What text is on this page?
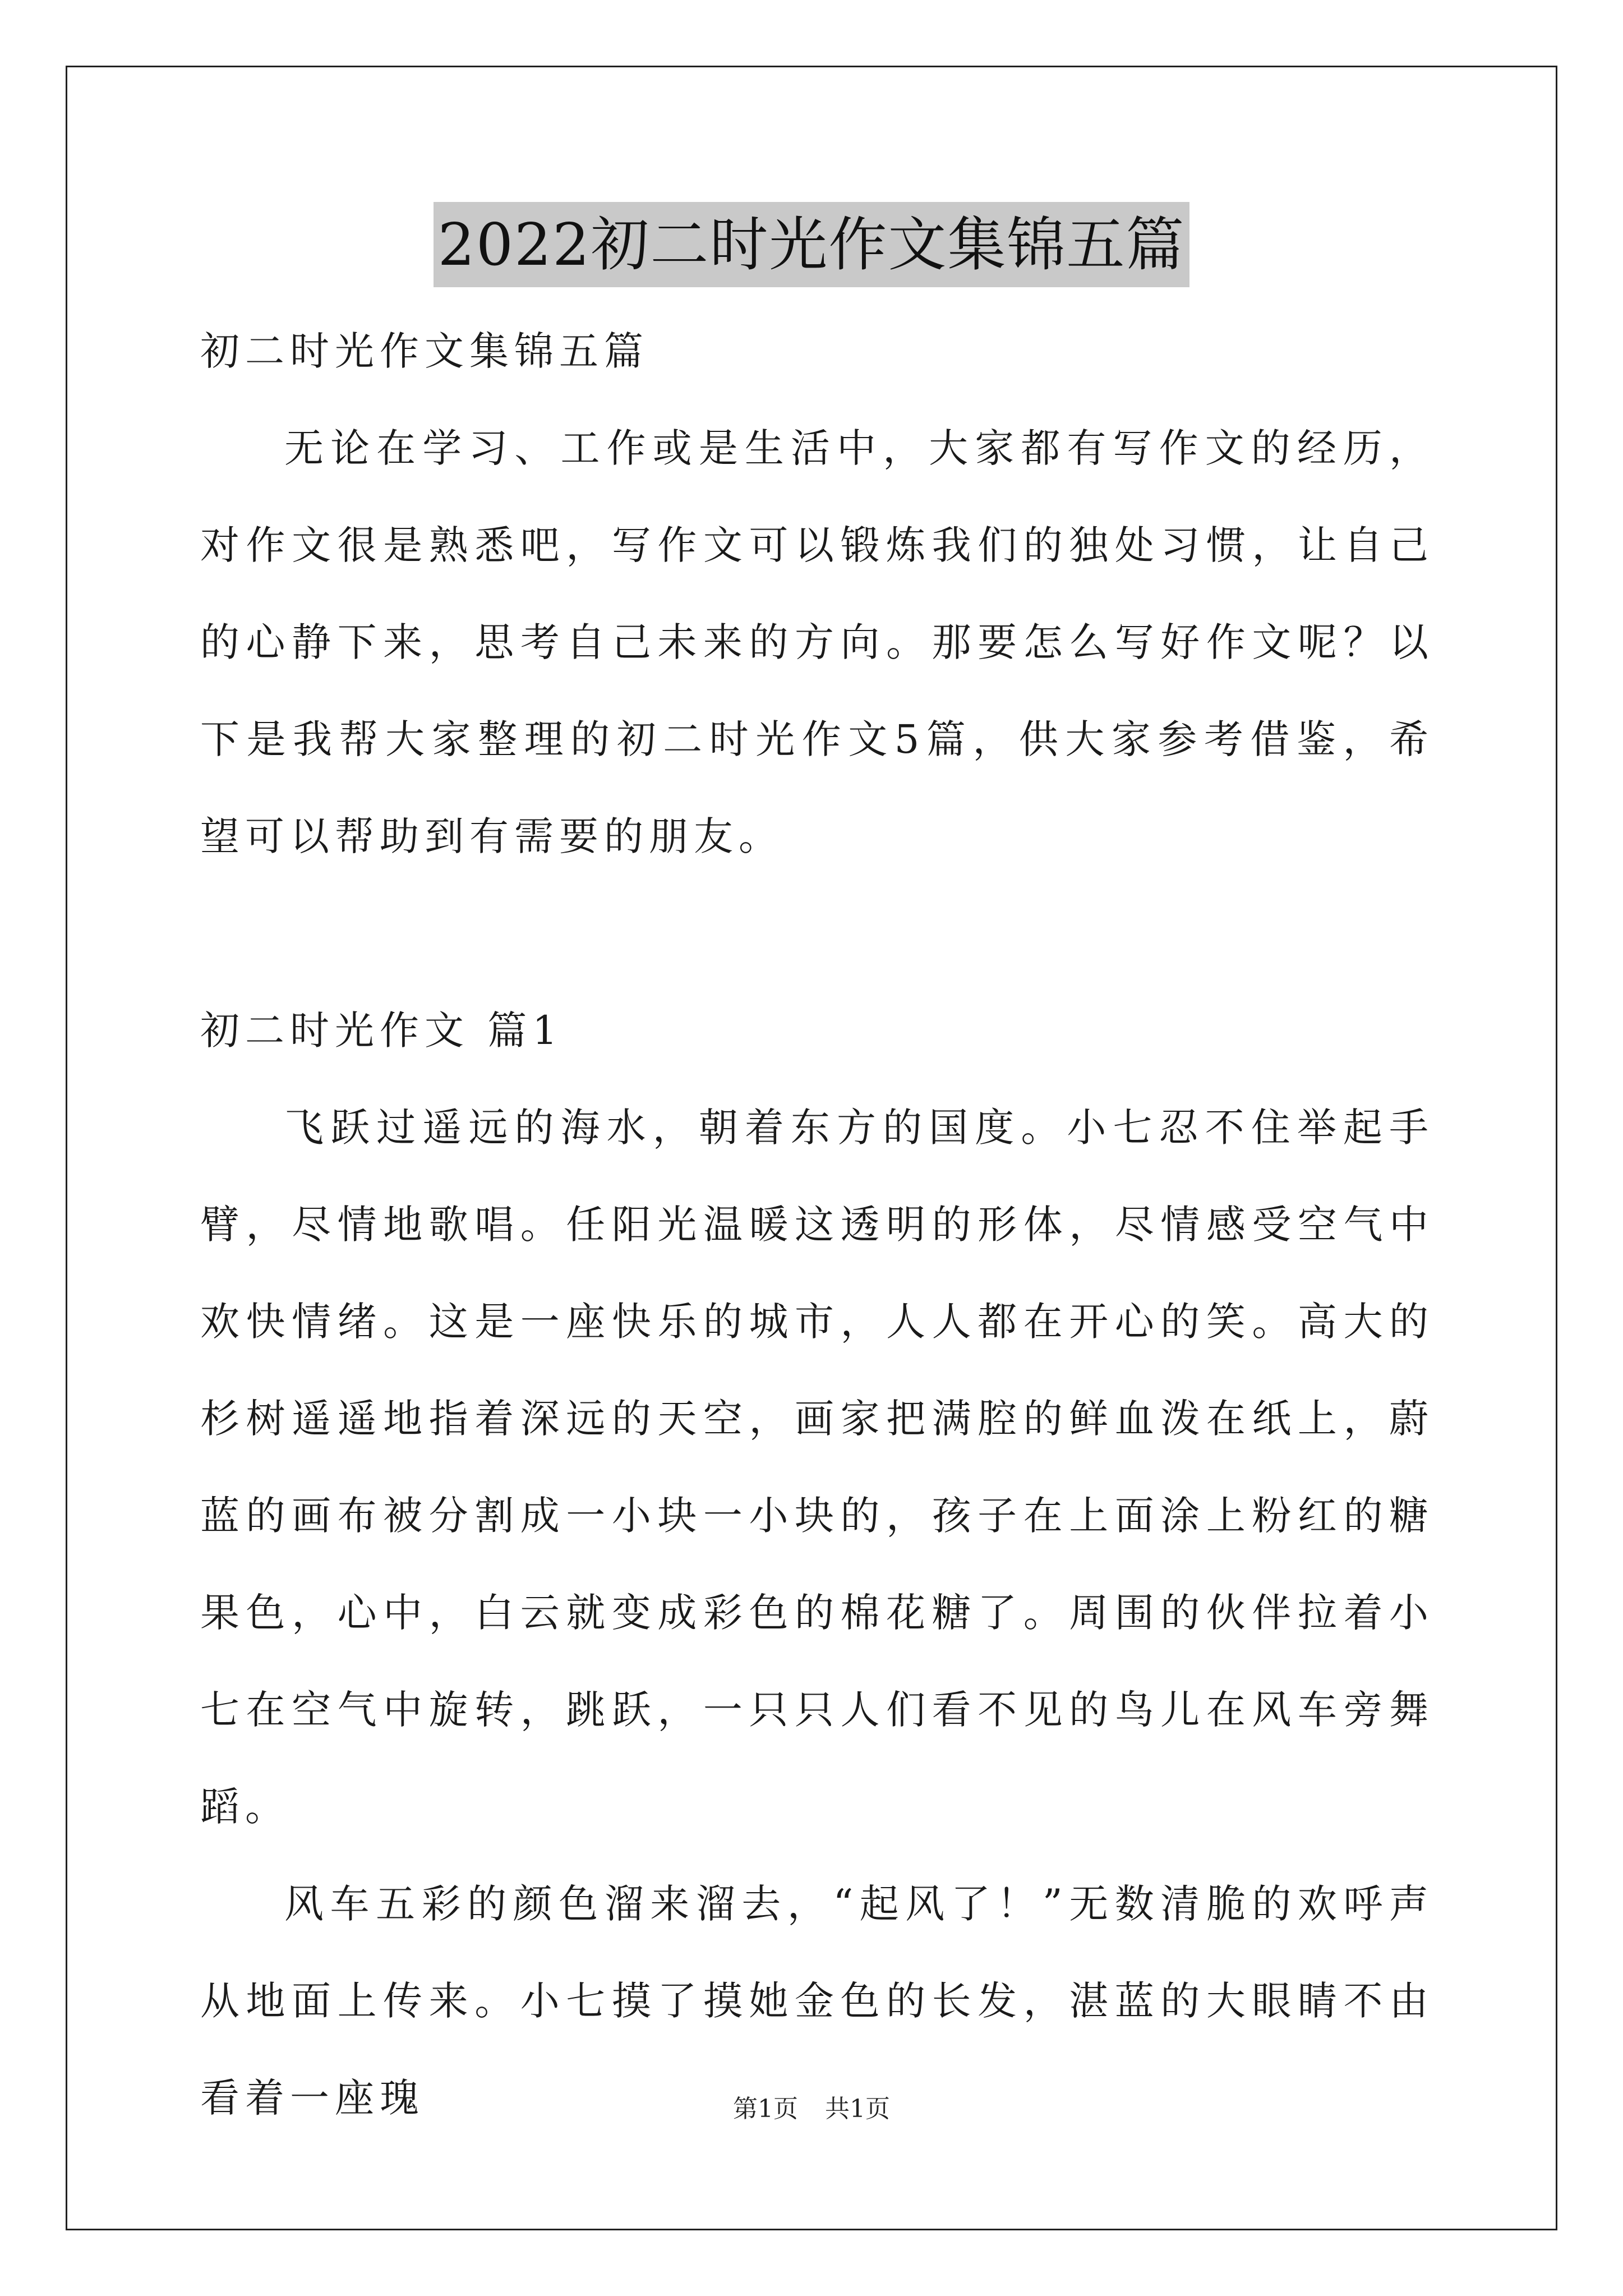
2022初二时光作文集锦五篇

初二时光作文集锦五篇

无论在学习、工作或是生活中，大家都有写作文的经历，对作文很是熟悉吧，写作文可以锻炼我们的独处习惯，让自己的心静下来，思考自己未来的方向。那要怎么写好作文呢？以下是我帮大家整理的初二时光作文5篇，供大家参考借鉴，希望可以帮助到有需要的朋友。

初二时光作文 篇1

飞跃过遥远的海水，朝着东方的国度。小七忍不住举起手臂，尽情地歌唱。任阳光温暖这透明的形体，尽情感受空气中欢快情绪。这是一座快乐的城市，人人都在开心的笑。高大的杉树遥遥地指着深远的天空，画家把满腔的鲜血泼在纸上，蔚蓝的画布被分割成一小块一小块的，孩子在上面涂上粉红的糖果色，心中，白云就变成彩色的棉花糖了。周围的伙伴拉着小七在空气中旋转，跳跃，一只只人们看不见的鸟儿在风车旁舞蹈。

风车五彩的颜色溜来溜去，“起风了！”无数清脆的欢呼声从地面上传来。小七摸了摸她金色的长发，湛蓝的大眼睛不由看着一座瑰	第1页 共1页
